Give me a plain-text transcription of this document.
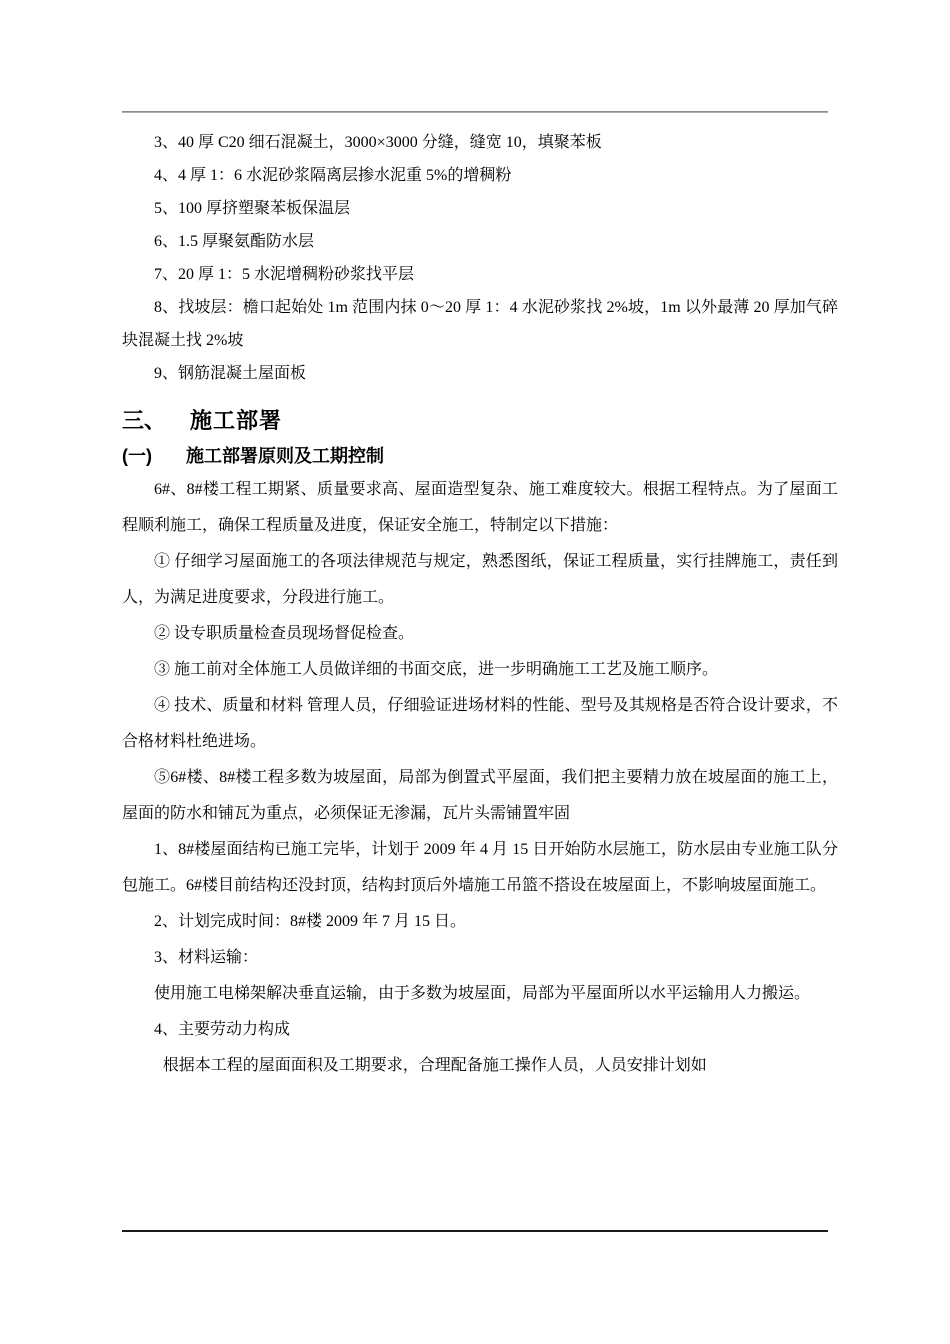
3、40 厚 C20 细石混凝土，3000×3000 分缝，缝宽 10，填聚苯板
4、4 厚 1：6 水泥砂浆隔离层掺水泥重 5%的增稠粉
5、100 厚挤塑聚苯板保温层
6、1.5 厚聚氨酯防水层
7、20 厚 1：5 水泥增稠粉砂浆找平层
8、找坡层：檐口起始处 1m 范围内抹 0～20 厚 1：4 水泥砂浆找 2%坡，1m 以外最薄 20 厚加气碎块混凝土找 2%坡
9、钢筋混凝土屋面板
三、 施工部署
(一) 施工部署原则及工期控制
6#、8#楼工程工期紧、质量要求高、屋面造型复杂、施工难度较大。根据工程特点。为了屋面工程顺利施工，确保工程质量及进度，保证安全施工，特制定以下措施：
① 仔细学习屋面施工的各项法律规范与规定，熟悉图纸，保证工程质量，实行挂牌施工，责任到人，为满足进度要求，分段进行施工。
② 设专职质量检查员现场督促检查。
③ 施工前对全体施工人员做详细的书面交底，进一步明确施工工艺及施工顺序。
④ 技术、质量和材料 管理人员，仔细验证进场材料的性能、型号及其规格是否符合设计要求，不合格材料杜绝进场。
⑤6#楼、8#楼工程多数为坡屋面，局部为倒置式平屋面，我们把主要精力放在坡屋面的施工上，屋面的防水和铺瓦为重点，必须保证无渗漏，瓦片头需铺置牢固
1、8#楼屋面结构已施工完毕，计划于 2009 年 4 月 15 日开始防水层施工，防水层由专业施工队分包施工。6#楼目前结构还没封顶，结构封顶后外墙施工吊篮不搭设在坡屋面上，不影响坡屋面施工。
2、计划完成时间：8#楼 2009 年 7 月 15 日。
3、材料运输：
使用施工电梯架解决垂直运输，由于多数为坡屋面，局部为平屋面所以水平运输用人力搬运。
4、主要劳动力构成
根据本工程的屋面面积及工期要求，合理配备施工操作人员，人员安排计划如
